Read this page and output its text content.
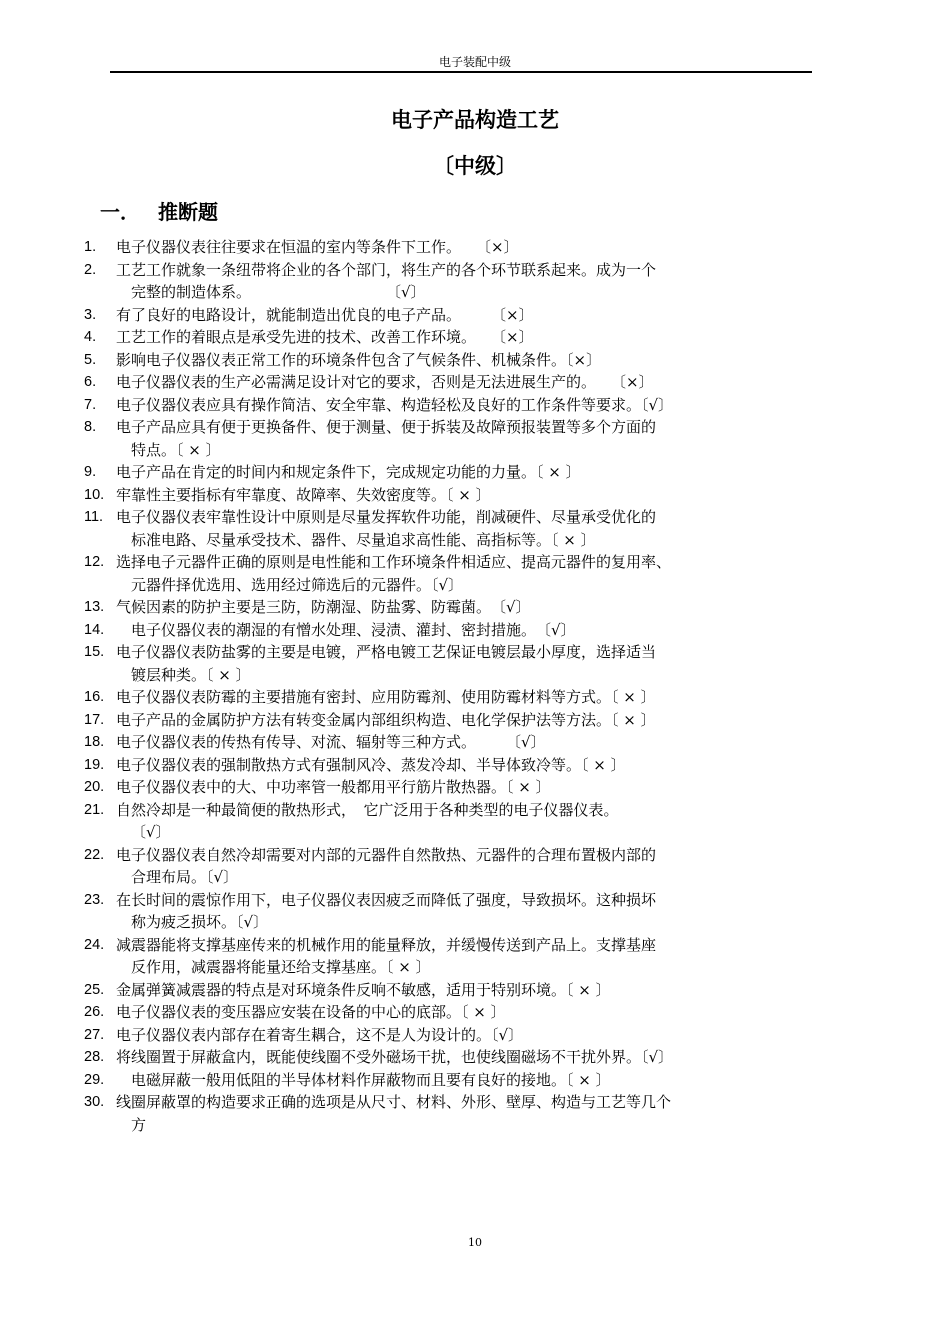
电子装配中级
电子产品构造工艺
〔中级〕
一． 推断题
1.	电子仪器仪表往往要求在恒温的室内等条件下工作。　　〔×〕
2.	工艺工作就象一条纽带将企业的各个部门，将生产的各个环节联系起来。成为一个
完整的制造体系。　　　　　　　　　　〔√〕
3.	有了良好的电路设计，就能制造出优良的电子产品。　　　〔×〕
4.	工艺工作的着眼点是承受先进的技术、改善工作环境。　　〔×〕
5.	影响电子仪器仪表正常工作的环境条件包含了气候条件、机械条件。〔×〕
6.	电子仪器仪表的生产必需满足设计对它的要求，否则是无法进展生产的。　　〔×〕
7.	电子仪器仪表应具有操作简洁、安全牢靠、构造轻松及良好的工作条件等要求。〔√〕
8.	电子产品应具有便于更换备件、便于测量、便于拆装及故障预报装置等多个方面的
特点。〔 × 〕
9.	电子产品在肯定的时间内和规定条件下，完成规定功能的力量。〔 × 〕
10. 牢靠性主要指标有牢靠度、故障率、失效密度等。〔 × 〕
11. 电子仪器仪表牢靠性设计中原则是尽量发挥软件功能，削减硬件、尽量承受优化的
标准电路、尽量承受技术、器件、尽量追求高性能、高指标等。〔 × 〕
12. 选择电子元器件正确的原则是电性能和工作环境条件相适应、提高元器件的复用率、
元器件择优选用、选用经过筛选后的元器件。〔√〕
13. 气候因素的防护主要是三防，防潮湿、防盐雾、防霉菌。　〔√〕
14. 　电子仪器仪表的潮湿的有憎水处理、浸渍、灌封、密封措施。　〔√〕
15. 电子仪器仪表防盐雾的主要是电镀，严格电镀工艺保证电镀层最小厚度，选择适当
镀层种类。〔 × 〕
16. 电子仪器仪表防霉的主要措施有密封、应用防霉剂、使用防霉材料等方式。〔 × 〕
17. 电子产品的金属防护方法有转变金属内部组织构造、电化学保护法等方法。〔 × 〕
18. 电子仪器仪表的传热有传导、对流、辐射等三种方式。　　　〔√〕
19. 电子仪器仪表的强制散热方式有强制风冷、蒸发冷却、半导体致冷等。〔 × 〕
20. 电子仪器仪表中的大、中功率管一般都用平行筋片散热器。〔 × 〕
21. 自然冷却是一种最简便的散热形式，　它广泛用于各种类型的电子仪器仪表。
〔√〕
22. 电子仪器仪表自然冷却需要对内部的元器件自然散热、元器件的合理布置极内部的
合理布局。〔√〕
23. 在长时间的震惊作用下，电子仪器仪表因疲乏而降低了强度，导致损坏。这种损坏
称为疲乏损坏。〔√〕
24. 减震器能将支撑基座传来的机械作用的能量释放，并缓慢传送到产品上。支撑基座
反作用，减震器将能量还给支撑基座。〔 × 〕
25. 金属弹簧减震器的特点是对环境条件反响不敏感，适用于特别环境。〔 × 〕
26. 电子仪器仪表的变压器应安装在设备的中心的底部。〔 × 〕
27. 电子仪器仪表内部存在着寄生耦合，这不是人为设计的。〔√〕
28. 将线圈置于屏蔽盒内，既能使线圈不受外磁场干扰，也使线圈磁场不干扰外界。〔√〕
29. 　电磁屏蔽一般用低阻的半导体材料作屏蔽物而且要有良好的接地。〔 × 〕
30. 线圈屏蔽罩的构造要求正确的选项是从尺寸、材料、外形、壁厚、构造与工艺等几个
方
10
